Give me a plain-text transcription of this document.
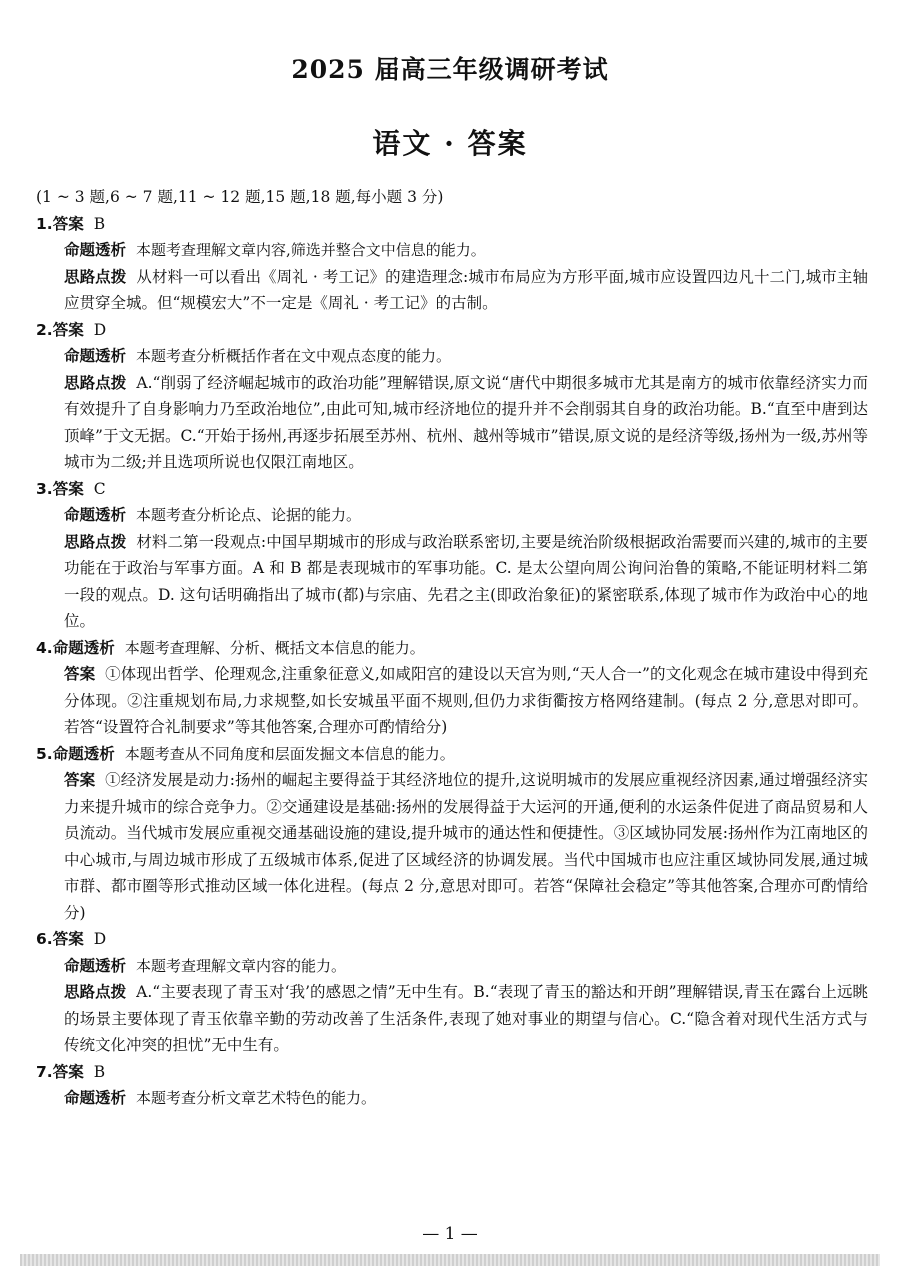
2025 届高三年级调研考试
语文 · 答案
(1 ~ 3 题,6 ~ 7 题,11 ~ 12 题,15 题,18 题,每小题 3 分)
1.答案 B
命题透析 本题考查理解文章内容,筛选并整合文中信息的能力。
思路点拨 从材料一可以看出《周礼 · 考工记》的建造理念:城市布局应为方形平面,城市应设置四边凡十二门,城市主轴应贯穿全城。但“规模宏大”不一定是《周礼 · 考工记》的古制。
2.答案 D
命题透析 本题考查分析概括作者在文中观点态度的能力。
思路点拨 A.“削弱了经济崛起城市的政治功能”理解错误,原文说“唐代中期很多城市尤其是南方的城市依靠经济实力而有效提升了自身影响力乃至政治地位”,由此可知,城市经济地位的提升并不会削弱其自身的政治功能。B.“直至中唐到达顶峰”于文无据。C.“开始于扬州,再逐步拓展至苏州、杭州、越州等城市”错误,原文说的是经济等级,扬州为一级,苏州等城市为二级;并且选项所说也仅限江南地区。
3.答案 C
命题透析 本题考查分析论点、论据的能力。
思路点拨 材料二第一段观点:中国早期城市的形成与政治联系密切,主要是统治阶级根据政治需要而兴建的,城市的主要功能在于政治与军事方面。A 和 B 都是表现城市的军事功能。C. 是太公望向周公询问治鲁的策略,不能证明材料二第一段的观点。D. 这句话明确指出了城市(都)与宗庙、先君之主(即政治象征)的紧密联系,体现了城市作为政治中心的地位。
4.命题透析 本题考查理解、分析、概括文本信息的能力。
答案 ①体现出哲学、伦理观念,注重象征意义,如咸阳宫的建设以天宫为则,“天人合一”的文化观念在城市建设中得到充分体现。②注重规划布局,力求规整,如长安城虽平面不规则,但仍力求街衢按方格网络建制。(每点 2 分,意思对即可。若答“设置符合礼制要求”等其他答案,合理亦可酌情给分)
5.命题透析 本题考查从不同角度和层面发掘文本信息的能力。
答案 ①经济发展是动力:扬州的崛起主要得益于其经济地位的提升,这说明城市的发展应重视经济因素,通过增强经济实力来提升城市的综合竞争力。②交通建设是基础:扬州的发展得益于大运河的开通,便利的水运条件促进了商品贸易和人员流动。当代城市发展应重视交通基础设施的建设,提升城市的通达性和便捷性。③区域协同发展:扬州作为江南地区的中心城市,与周边城市形成了五级城市体系,促进了区域经济的协调发展。当代中国城市也应注重区域协同发展,通过城市群、都市圈等形式推动区域一体化进程。(每点 2 分,意思对即可。若答“保障社会稳定”等其他答案,合理亦可酌情给分)
6.答案 D
命题透析 本题考查理解文章内容的能力。
思路点拨 A.“主要表现了青玉对‘我’的感恩之情”无中生有。B.“表现了青玉的豁达和开朗”理解错误,青玉在露台上远眺的场景主要体现了青玉依靠辛勤的劳动改善了生活条件,表现了她对事业的期望与信心。C.“隐含着对现代生活方式与传统文化冲突的担忧”无中生有。
7.答案 B
命题透析 本题考查分析文章艺术特色的能力。
— 1 —
